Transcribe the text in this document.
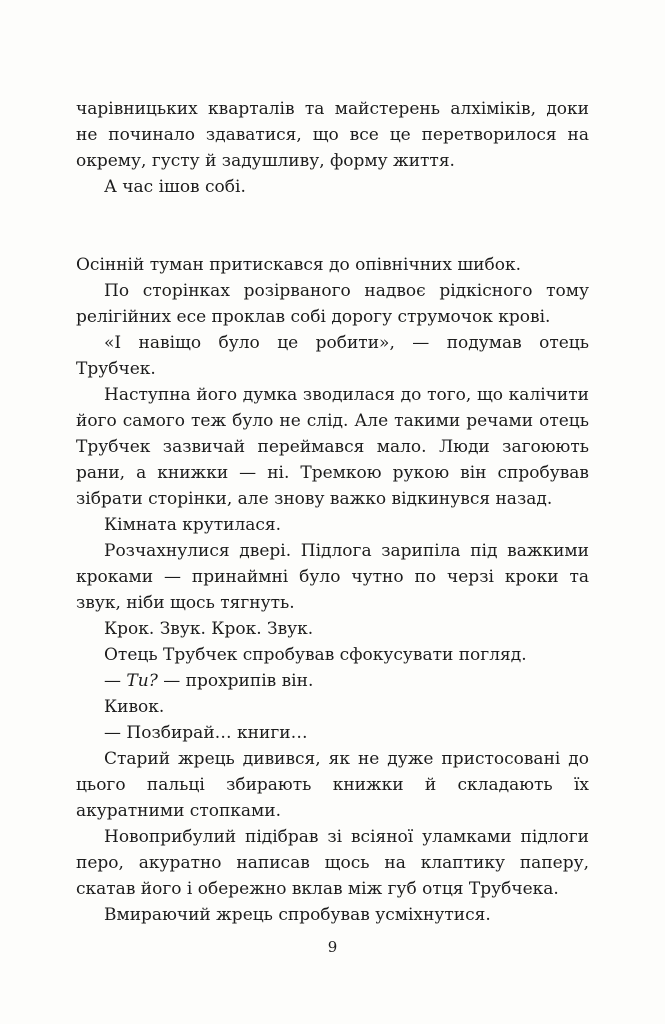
чарівницьких кварталів та майстерень алхіміків, доки не починало здаватися, що все це перетворилося на окрему, густу й задушливу, форму життя.

А час ішов собі.

Осінній туман притискався до опівнічних шибок.

По сторінках розірваного надвоє рідкісного тому релігійних есе проклав собі дорогу струмочок крові.

«І навіщо було це робити», — подумав отець Трубчек.

Наступна його думка зводилася до того, що калічити його самого теж було не слід. Але такими речами отець Трубчек зазвичай переймався мало. Люди загоюють рани, а книжки — ні. Тремкою рукою він спробував зібрати сторінки, але знову важко відкинувся назад.

Кімната крутилася.

Розчахнулися двері. Підлога зарипіла під важкими кроками — принаймні було чутно по черзі кроки та звук, ніби щось тягнуть.

Крок. Звук. Крок. Звук.

Отець Трубчек спробував сфокусувати погляд.

— Ти? — прохрипів він.

Кивок.

— Позбирай… книги…

Старий жрець дивився, як не дуже пристосовані до цього пальці збирають книжки й складають їх акуратними стопками.

Новоприбулий підібрав зі всіяної уламками підлоги перо, акуратно написав щось на клаптику паперу, скатав його і обережно вклав між губ отця Трубчека.

Вмираючий жрець спробував усміхнутися.

9
